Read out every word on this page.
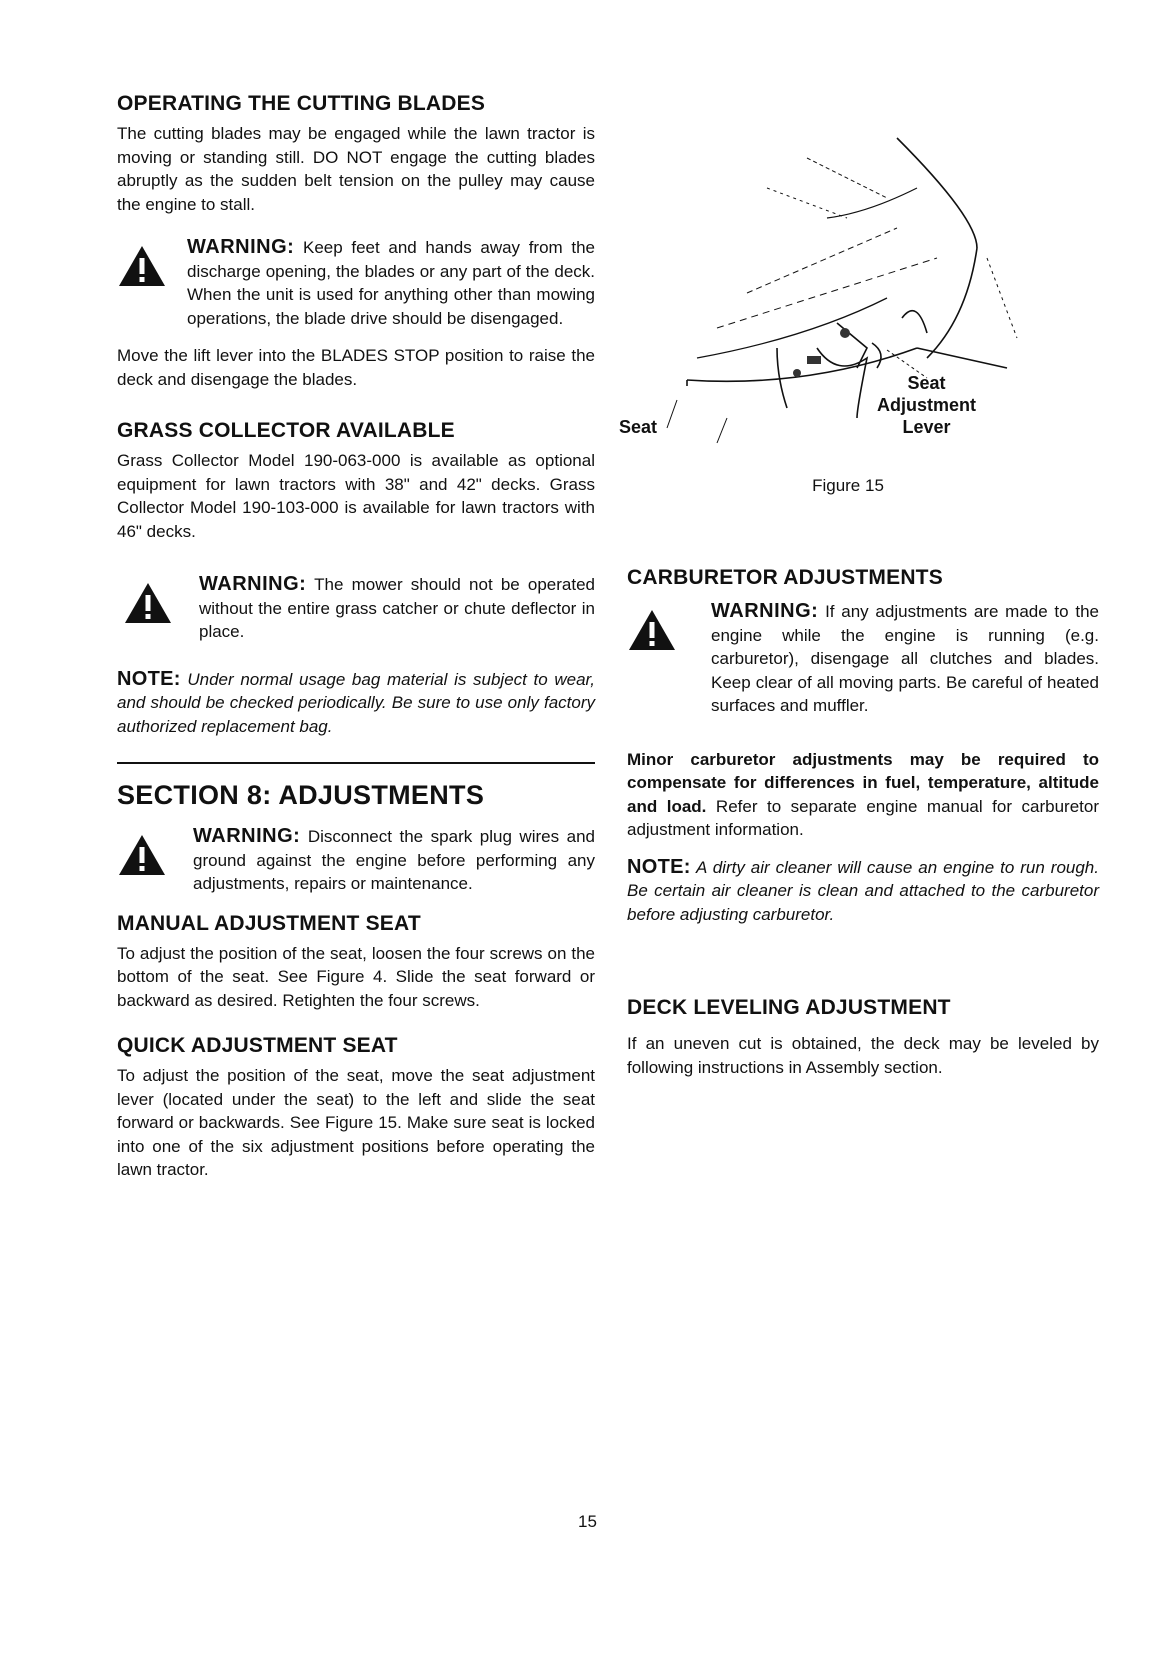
OPERATING THE CUTTING BLADES

The cutting blades may be engaged while the lawn tractor is moving or standing still. DO NOT engage the cutting blades abruptly as the sudden belt tension on the pulley may cause the engine to stall.

WARNING: Keep feet and hands away from the discharge opening, the blades or any part of the deck. When the unit is used for anything other than mowing operations, the blade drive should be disengaged.

Move the lift lever into the BLADES STOP position to raise the deck and disengage the blades.

GRASS COLLECTOR AVAILABLE

Grass Collector Model 190-063-000 is available as optional equipment for lawn tractors with 38" and 42" decks. Grass Collector Model 190-103-000 is available for lawn tractors with 46" decks.

WARNING: The mower should not be operated without the entire grass catcher or chute deflector in place.

NOTE: Under normal usage bag material is subject to wear, and should be checked periodically. Be sure to use only factory authorized replacement bag.

SECTION 8: ADJUSTMENTS
WARNING: Disconnect the spark plug wires and ground against the engine before performing any adjustments, repairs or maintenance.
MANUAL ADJUSTMENT SEAT

To adjust the position of the seat, loosen the four screws on the bottom of the seat. See Figure 4. Slide the seat forward or backward as desired. Retighten the four screws.

QUICK ADJUSTMENT SEAT

To adjust the position of the seat, move the seat adjustment lever (located under the seat) to the left and slide the seat forward or backwards. See Figure 15. Make sure seat is locked into one of the six adjustment positions before operating the lawn tractor.

Seat
Seat
Adjustment
Lever
Figure 15
CARBURETOR ADJUSTMENTS
WARNING: If any adjustments are made to the engine while the engine is running (e.g. carburetor), disengage all clutches and blades. Keep clear of all moving parts. Be careful of heated surfaces and muffler.

Minor carburetor adjustments may be required to compensate for differences in fuel, temperature, altitude and load. Refer to separate engine manual for carburetor adjustment information.

NOTE: A dirty air cleaner will cause an engine to run rough. Be certain air cleaner is clean and attached to the carburetor before adjusting carburetor.

DECK LEVELING ADJUSTMENT

If an uneven cut is obtained, the deck may be leveled by following instructions in Assembly section.

15
